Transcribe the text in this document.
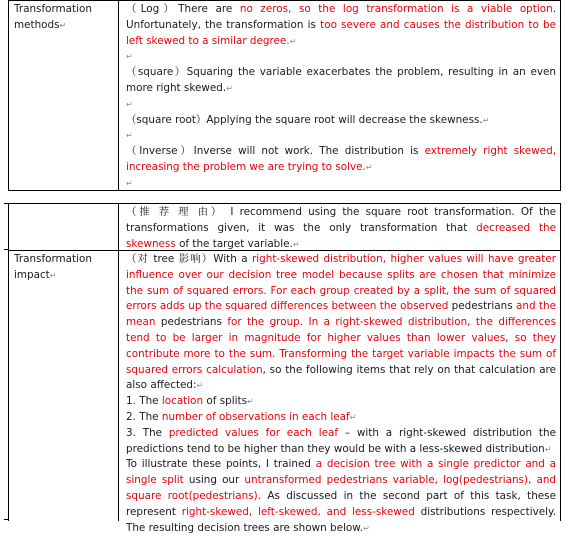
Transformation methods↵

（Log）There are no zeros, so the log transformation is a viable option. Unfortunately, the transformation is too severe and causes the distribution to be left skewed to a similar degree.↵

↵

（square）Squaring the variable exacerbates the problem, resulting in an even more right skewed.↵

↵

（square root）Applying the square root will decrease the skewness.↵

↵

（Inverse）Inverse will not work. The distribution is extremely right skewed, increasing the problem we are trying to solve.↵

↵

（推 荐 理 由） I recommend using the square root transformation. Of the transformations given, it was the only transformation that decreased the skewness of the target variable.↵

Transformation impact↵

（对 tree 影响）With a right-skewed distribution, higher values will have greater influence over our decision tree model because splits are chosen that minimize the sum of squared errors. For each group created by a split, the sum of squared errors adds up the squared differences between the observed pedestrians and the mean pedestrians for the group. In a right-skewed distribution, the differences tend to be larger in magnitude for higher values than lower values, so they contribute more to the sum. Transforming the target variable impacts the sum of squared errors calculation, so the following items that rely on that calculation are also affected:↵

1. The location of splits↵

2. The number of observations in each leaf↵

3. The predicted values for each leaf – with a right-skewed distribution the predictions tend to be higher than they would be with a less-skewed distribution↵

To illustrate these points, I trained a decision tree with a single predictor and a single split using our untransformed pedestrians variable, log(pedestrians), and square root(pedestrians). As discussed in the second part of this task, these represent right-skewed, left-skewed, and less-skewed distributions respectively. The resulting decision trees are shown below.↵
